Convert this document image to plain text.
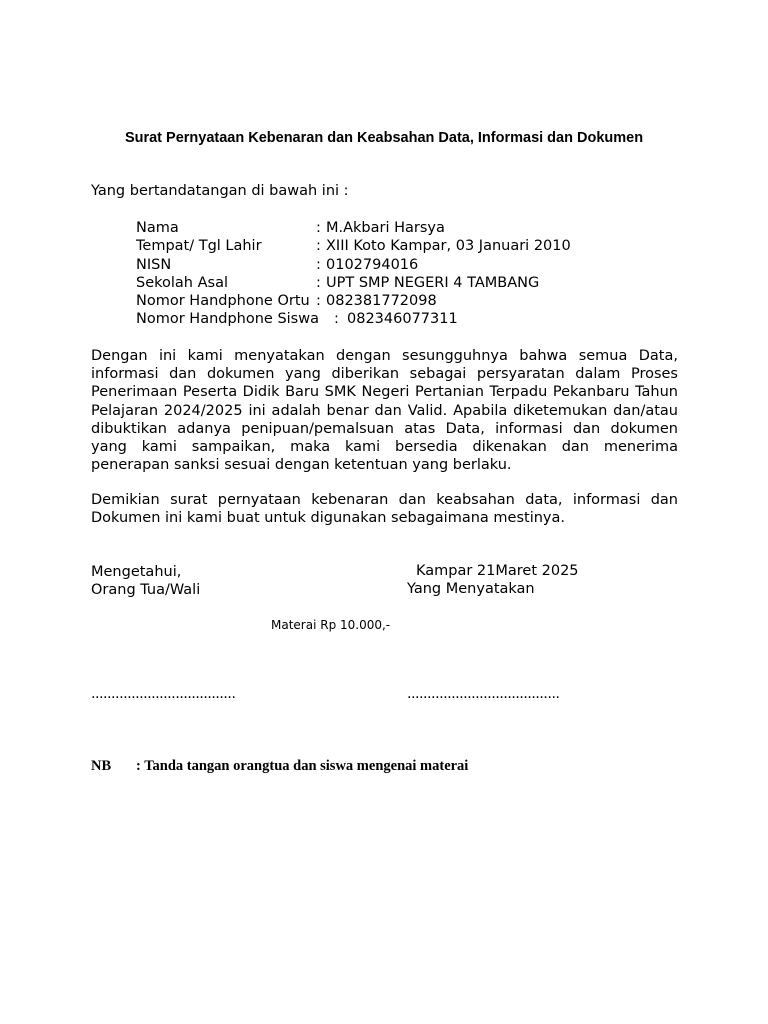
Surat Pernyataan Kebenaran dan Keabsahan Data, Informasi dan Dokumen
Yang bertandatangan di bawah ini :
Nama	: M.Akbari Harsya
Tempat/ Tgl Lahir	: XIII Koto Kampar, 03 Januari 2010
NISN	: 0102794016
Sekolah Asal	: UPT SMP NEGERI 4 TAMBANG
Nomor Handphone Ortu : 082381772098
Nomor Handphone Siswa : 082346077311
Dengan ini kami menyatakan dengan sesungguhnya bahwa semua Data, informasi dan dokumen yang diberikan sebagai persyaratan dalam Proses Penerimaan Peserta Didik Baru SMK Negeri Pertanian Terpadu Pekanbaru Tahun Pelajaran 2024/2025 ini adalah benar dan Valid. Apabila diketemukan dan/atau dibuktikan adanya penipuan/pemalsuan atas Data, informasi dan dokumen yang kami sampaikan, maka kami bersedia dikenakan dan menerima penerapan sanksi sesuai dengan ketentuan yang berlaku.
Demikian surat pernyataan kebenaran dan keabsahan data, informasi dan Dokumen ini kami buat untuk digunakan sebagaimana mestinya.
Mengetahui,
Orang Tua/Wali
Kampar 21Maret 2025
Yang Menyatakan
Materai Rp 10.000,-
....................................	......................................
NB : Tanda tangan orangtua dan siswa mengenai materai
